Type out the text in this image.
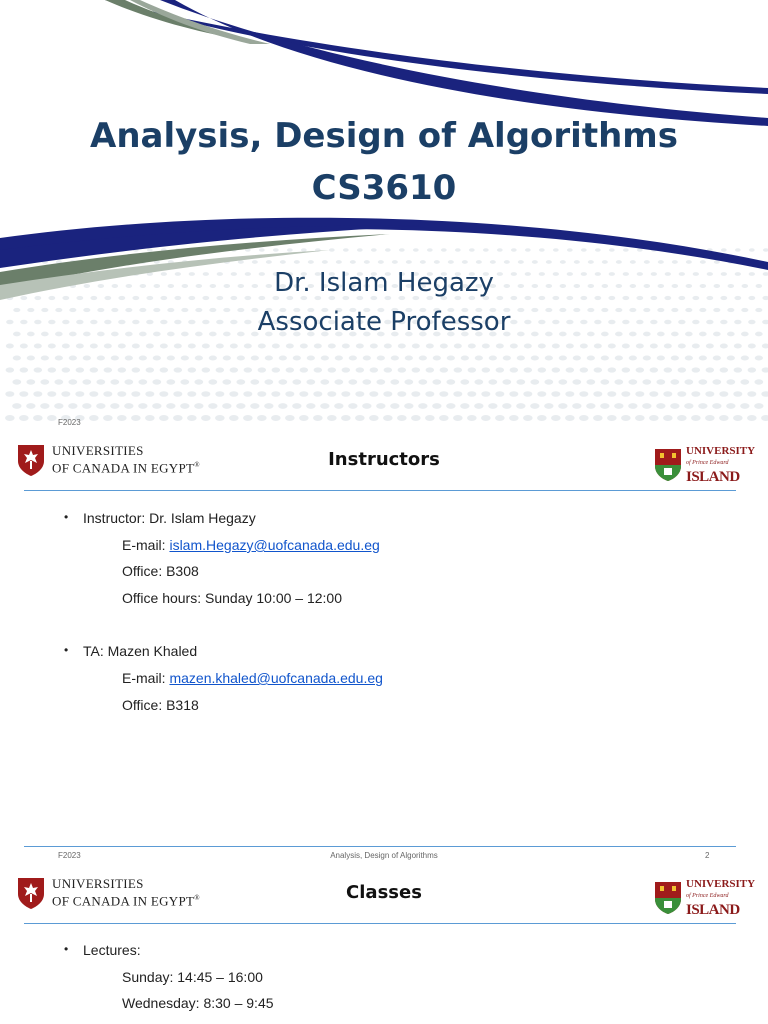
Analysis, Design of Algorithms
CS3610
Dr. Islam Hegazy
Associate Professor
F2023
UNIVERSITIES
OF CANADA IN EGYPT®	Instructors	UNIVERSITY
of Prince Edward
ISLAND
• Instructor: Dr. Islam Hegazy
E-mail: islam.Hegazy@uofcanada.edu.eg
Office: B308
Office hours: Sunday 10:00 – 12:00
• TA: Mazen Khaled
E-mail: mazen.khaled@uofcanada.edu.eg
Office: B318
F2023	Analysis, Design of Algorithms	2
UNIVERSITIES
OF CANADA IN EGYPT®	Classes	UNIVERSITY
of Prince Edward
ISLAND
• Lectures:
Sunday: 14:45 – 16:00
Wednesday: 8:30 – 9:45
